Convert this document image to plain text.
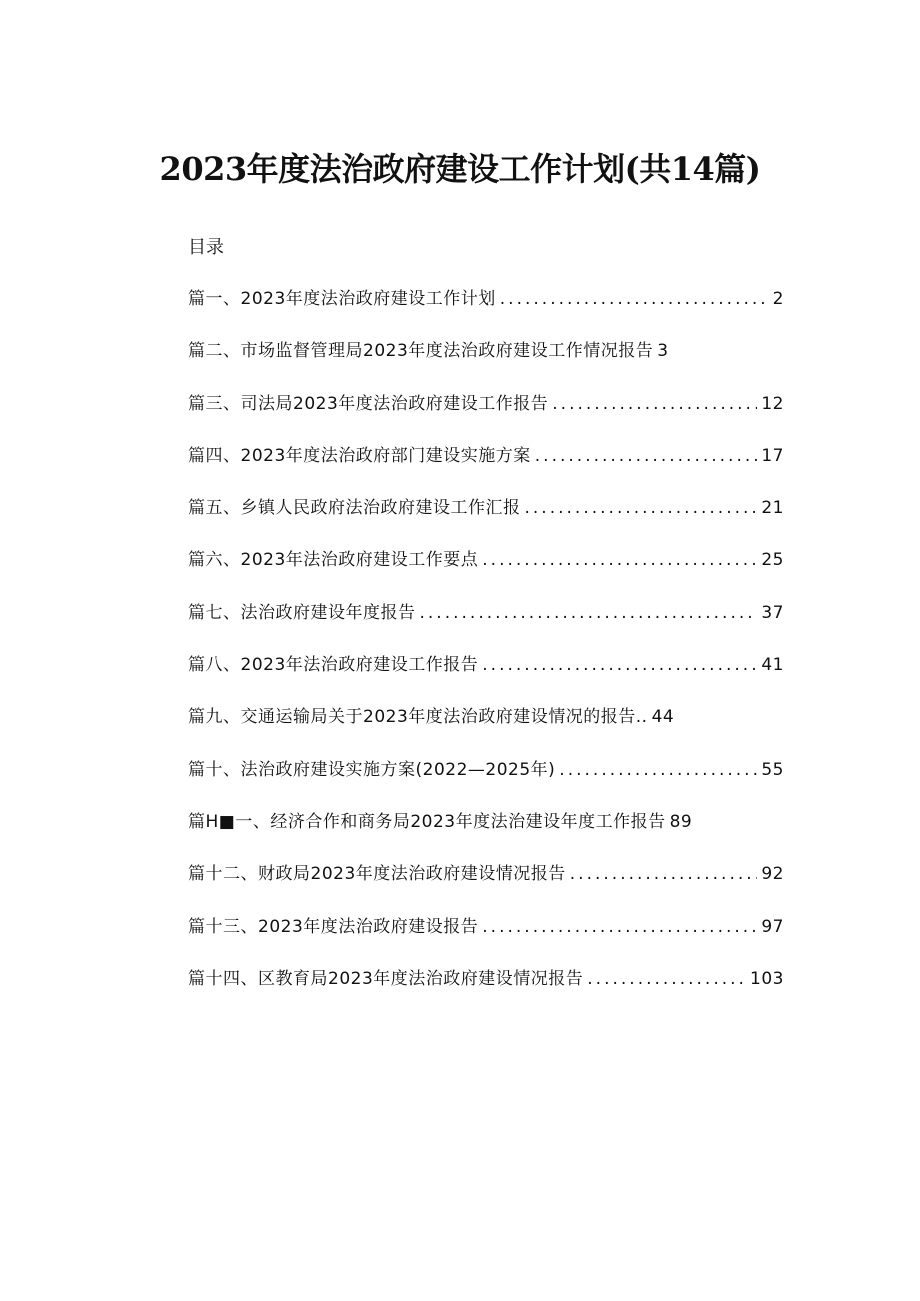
2023年度法治政府建设工作计划(共14篇)
目录
篇一、2023年度法治政府建设工作计划 .....	2
篇二、市场监督管理局2023年度法治政府建设工作情况报告 3
篇三、司法局2023年度法治政府建设工作报告 .....	12
篇四、2023年度法治政府部门建设实施方案 .....	17
篇五、乡镇人民政府法治政府建设工作汇报 .....	21
篇六、2023年法治政府建设工作要点 .....	25
篇七、法治政府建设年度报告 .....	37
篇八、2023年法治政府建设工作报告 .....	41
篇九、交通运输局关于2023年度法治政府建设情况的报告.. 44
篇十、法治政府建设实施方案(2022—2025年) .....	55
篇H■一、经济合作和商务局2023年度法治建设年度工作报告 89
篇十二、财政局2023年度法治政府建设情况报告 .....	92
篇十三、2023年度法治政府建设报告 .....	97
篇十四、区教育局2023年度法治政府建设情况报告 .....	103
